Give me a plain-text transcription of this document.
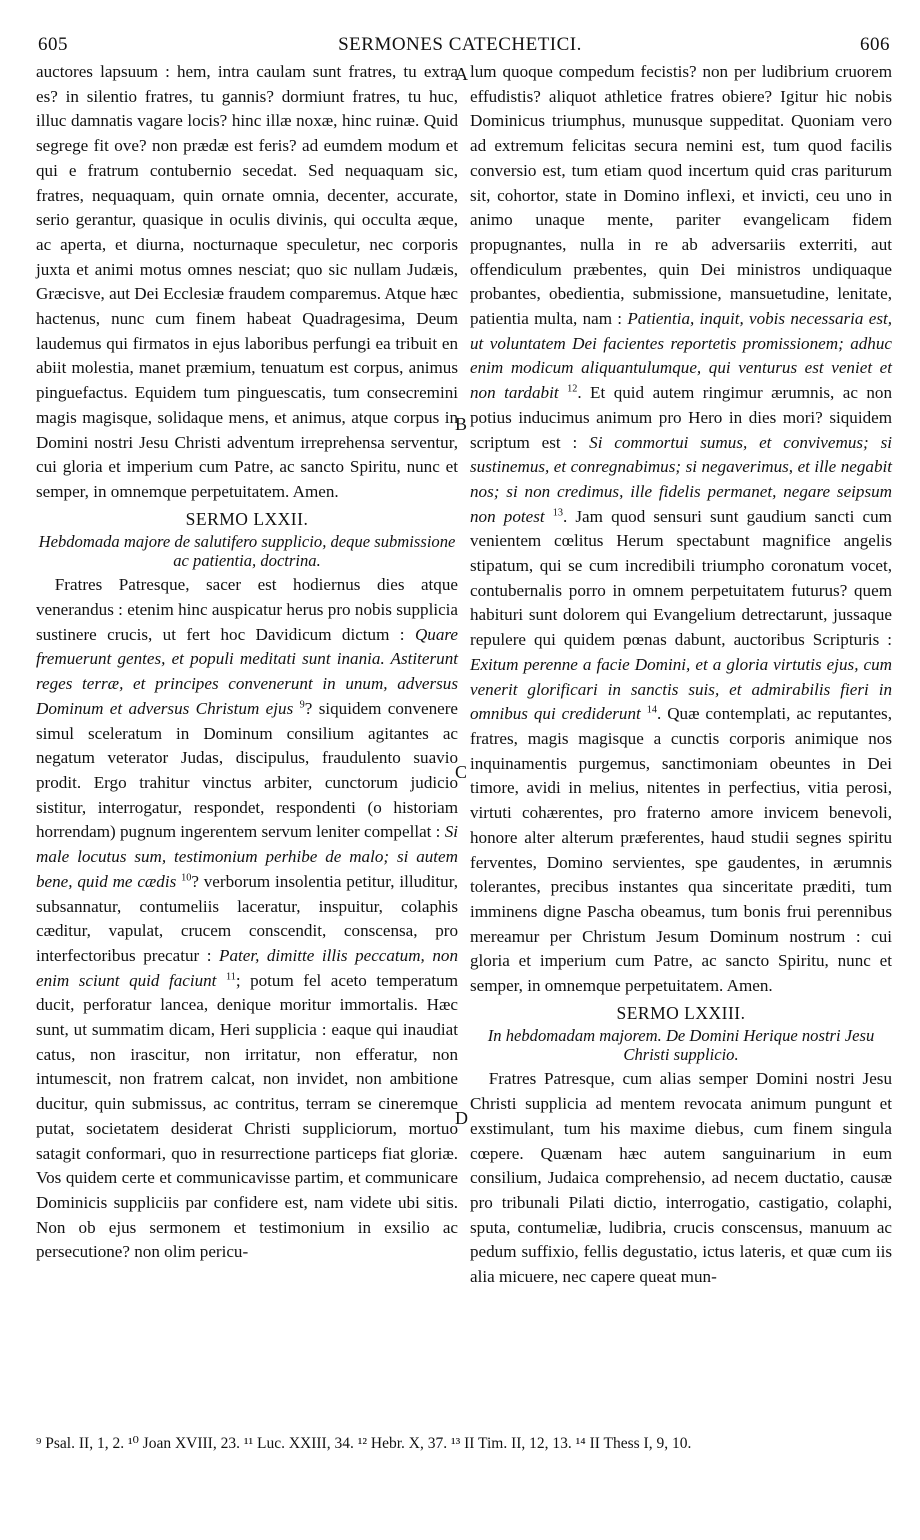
605	SERMONES CATECHETICI.	606
A
B
C
D

auctores lapsuum : hem, intra caulam sunt fratres, tu extra es? in silentio fratres, tu gannis? dormiunt fratres, tu huc, illuc damnatis vagare locis? hinc illæ noxæ, hinc ruinæ. Quid segrege fit ove? non prædæ est feris? ad eumdem modum et qui e fratrum contubernio secedat. Sed nequaquam sic, fratres, nequaquam, quin ornate omnia, decenter, accurate, serio gerantur, quasique in oculis divinis, qui occulta æque, ac aperta, et diurna, nocturnaque speculetur, nec corporis juxta et animi motus omnes nesciat; quo sic nullam Judæis, Græcisve, aut Dei Ecclesiæ fraudem comparemus. Atque hæc hactenus, nunc cum finem habeat Quadragesima, Deum laudemus qui firmatos in ejus laboribus perfungi ea tribuit en abiit molestia, manet præmium, tenuatum est corpus, animus pinguefactus. Equidem tum pinguescatis, tum consecremini magis magisque, solidaque mens, et animus, atque corpus in Domini nostri Jesu Christi adventum irreprehensa serventur, cui gloria et imperium cum Patre, ac sancto Spiritu, nunc et semper, in omnemque perpetuitatem. Amen.

SERMO LXXII.
Hebdomada majore de salutifero supplicio, deque submissione ac patientia, doctrina.

Fratres Patresque, sacer est hodiernus dies atque venerandus : etenim hinc auspicatur herus pro nobis supplicia sustinere crucis, ut fert hoc Davidicum dictum : Quare fremuerunt gentes, et populi meditati sunt inania. Astiterunt reges terræ, et principes convenerunt in unum, adversus Dominum et adversus Christum ejus $^9$? siquidem convenere simul sceleratum in Dominum consilium agitantes ac negatum veterator Judas, discipulus, fraudulento suavio prodit. Ergo trahitur vinctus arbiter, cunctorum judicio sistitur, interrogatur, respondet, respondenti (o historiam horrendam) pugnum ingerentem servum leniter compellat : Si male locutus sum, testimonium perhibe de malo; si autem bene, quid me cædis $^{10}$? verborum insolentia petitur, illuditur, subsannatur, contumeliis laceratur, inspuitur, colaphis cæditur, vapulat, crucem conscendit, conscensa, pro interfectoribus precatur : Pater, dimitte illis peccatum, non enim sciunt quid faciunt $^{11}$; potum fel aceto temperatum ducit, perforatur lancea, denique moritur immortalis. Hæc sunt, ut summatim dicam, Heri supplicia : eaque qui inaudiat catus, non irascitur, non irritatur, non efferatur, non intumescit, non fratrem calcat, non invidet, non ambitione ducitur, quin submissus, ac contritus, terram se cineremque putat, societatem desiderat Christi suppliciorum, mortuo satagit conformari, quo in resurrectione particeps fiat gloriæ. Vos quidem certe et communicavisse partim, et communicare Dominicis suppliciis par confidere est, nam videte ubi sitis. Non ob ejus sermonem et testimonium in exsilio ac persecutione? non olim pericu-

lum quoque compedum fecistis? non per ludibrium cruorem effudistis? aliquot athletice fratres obiere? Igitur hic nobis Dominicus triumphus, munusque suppeditat. Quoniam vero ad extremum felicitas secura nemini est, tum quod facilis conversio est, tum etiam quod incertum quid cras pariturum sit, cohortor, state in Domino inflexi, et invicti, ceu uno in animo unaque mente, pariter evangelicam fidem propugnantes, nulla in re ab adversariis exterriti, aut offendiculum præbentes, quin Dei ministros undiquaque probantes, obedientia, submissione, mansuetudine, lenitate, patientia multa, nam : Patientia, inquit, vobis necessaria est, ut voluntatem Dei facientes reportetis promissionem; adhuc enim modicum aliquantulumque, qui venturus est veniet et non tardabit $^{12}$. Et quid autem ringimur ærumnis, ac non potius inducimus animum pro Hero in dies mori? siquidem scriptum est : Si commortui sumus, et convivemus; si sustinemus, et conregnabimus; si negaverimus, et ille negabit nos; si non credimus, ille fidelis permanet, negare seipsum non potest $^{13}$. Jam quod sensuri sunt gaudium sancti cum venientem cœlitus Herum spectabunt magnifice angelis stipatum, qui se cum incredibili triumpho coronatum vocet, contubernalis porro in omnem perpetuitatem futurus? quem habituri sunt dolorem qui Evangelium detrectarunt, jussaque repulere qui quidem pœnas dabunt, auctoribus Scripturis : Exitum perenne a facie Domini, et a gloria virtutis ejus, cum venerit glorificari in sanctis suis, et admirabilis fieri in omnibus qui crediderunt $^{14}$. Quæ contemplati, ac reputantes, fratres, magis magisque a cunctis corporis animique nos inquinamentis purgemus, sanctimoniam obeuntes in Dei timore, avidi in melius, nitentes in perfectius, vitia perosi, virtuti cohærentes, pro fraterno amore invicem benevoli, honore alter alterum præferentes, haud studii segnes spiritu ferventes, Domino servientes, spe gaudentes, in ærumnis tolerantes, precibus instantes qua sinceritate præditi, tum imminens digne Pascha obeamus, tum bonis frui perennibus mereamur per Christum Jesum Dominum nostrum : cui gloria et imperium cum Patre, ac sancto Spiritu, nunc et semper, in omnemque perpetuitatem. Amen.

SERMO LXXIII.
In hebdomadam majorem. De Domini Herique nostri Jesu Christi supplicio.

Fratres Patresque, cum alias semper Domini nostri Jesu Christi supplicia ad mentem revocata animum pungunt et exstimulant, tum his maxime diebus, cum finem singula cœpere. Quænam hæc autem sanguinarium in eum consilium, Judaica comprehensio, ad necem ductatio, causæ pro tribunali Pilati dictio, interrogatio, castigatio, colaphi, sputa, contumeliæ, ludibria, crucis conscensus, manuum ac pedum suffixio, fellis degustatio, ictus lateris, et quæ cum iis alia micuere, nec capere queat mun-

⁹ Psal. II, 1, 2. ¹⁰ Joan XVIII, 23. ¹¹ Luc. XXIII, 34. ¹² Hebr. X, 37. ¹³ II Tim. II, 12, 13. ¹⁴ II Thess I, 9, 10.
